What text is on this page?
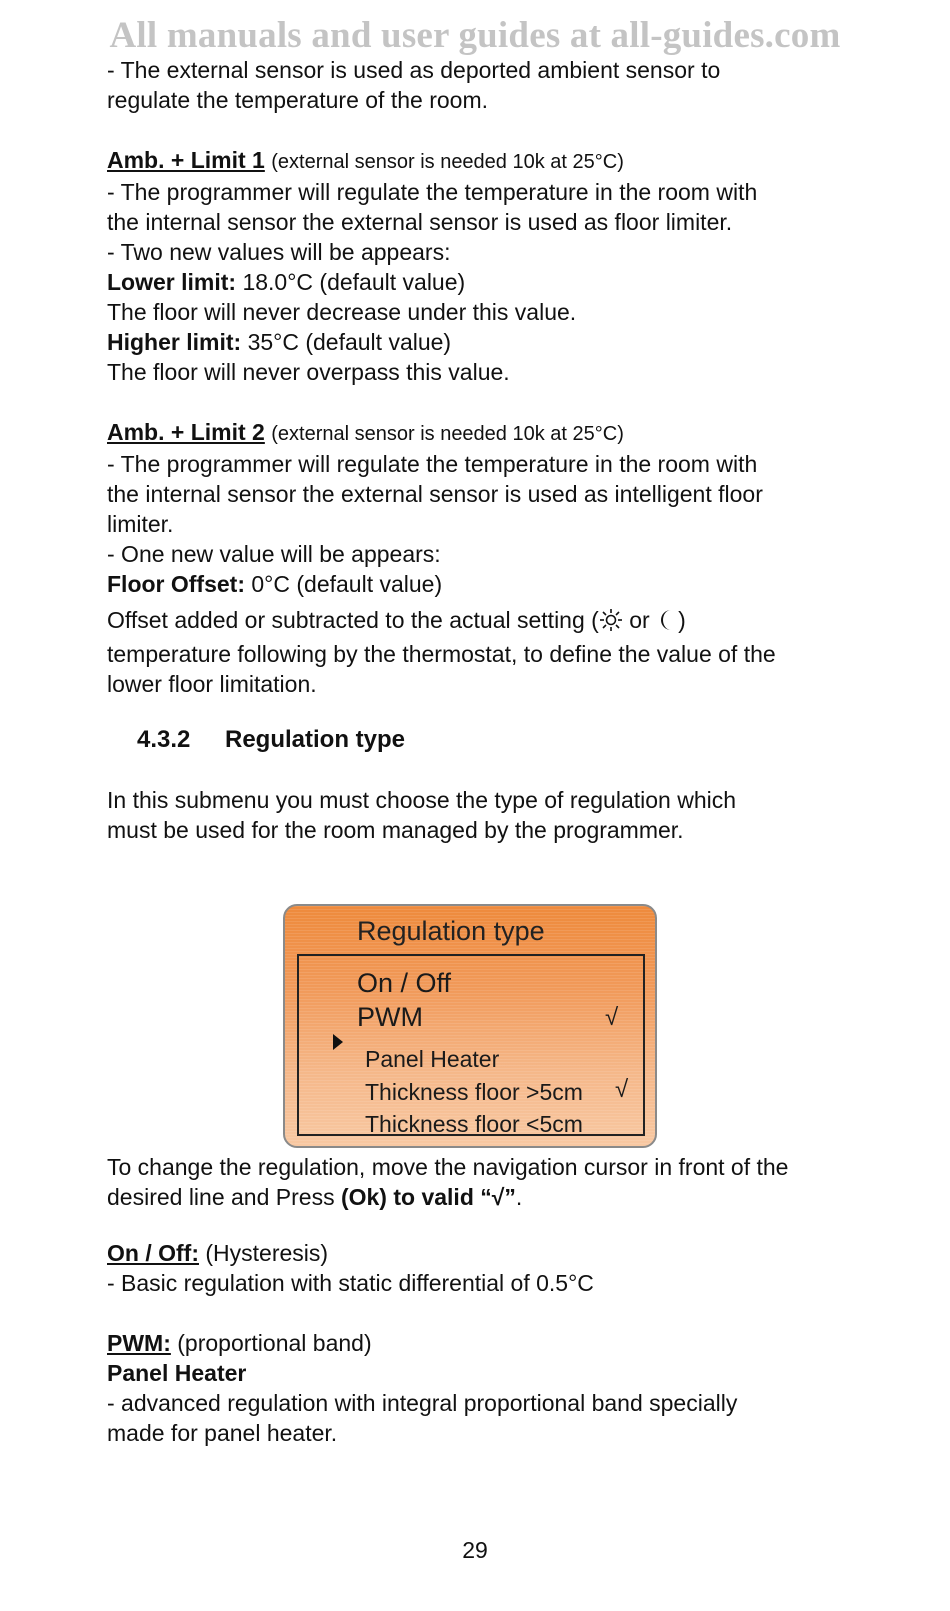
All manuals and user guides at all-guides.com
- The external sensor is used as deported ambient sensor to
regulate the temperature of the room.
Amb. + Limit 1 (external sensor is needed 10k at 25°C)
- The programmer will regulate the temperature in the room with
the internal sensor the external sensor is used as floor limiter.
- Two new values will be appears:
Lower limit: 18.0°C (default value)
The floor will never decrease under this value.
Higher limit: 35°C (default value)
The floor will never overpass this value.
Amb. + Limit 2 (external sensor is needed 10k at 25°C)
- The programmer will regulate the temperature in the room with
the internal sensor the external sensor is used as intelligent floor
limiter.
- One new value will be appears:
Floor Offset: 0°C (default value)
Offset added or subtracted to the actual setting ( or )
temperature following by the thermostat, to define the value of the
lower floor limitation.
4.3.2 Regulation type
In this submenu you must choose the type of regulation which
must be used for the room managed by the programmer.
Regulation type
On / Off
PWM	√
Panel Heater
Thickness floor >5cm √
Thickness floor <5cm
To change the regulation, move the navigation cursor in front of the
desired line and Press (Ok) to valid “√”.
On / Off: (Hysteresis)
- Basic regulation with static differential of 0.5°C
PWM: (proportional band)
Panel Heater
- advanced regulation with integral proportional band specially
made for panel heater.
29
